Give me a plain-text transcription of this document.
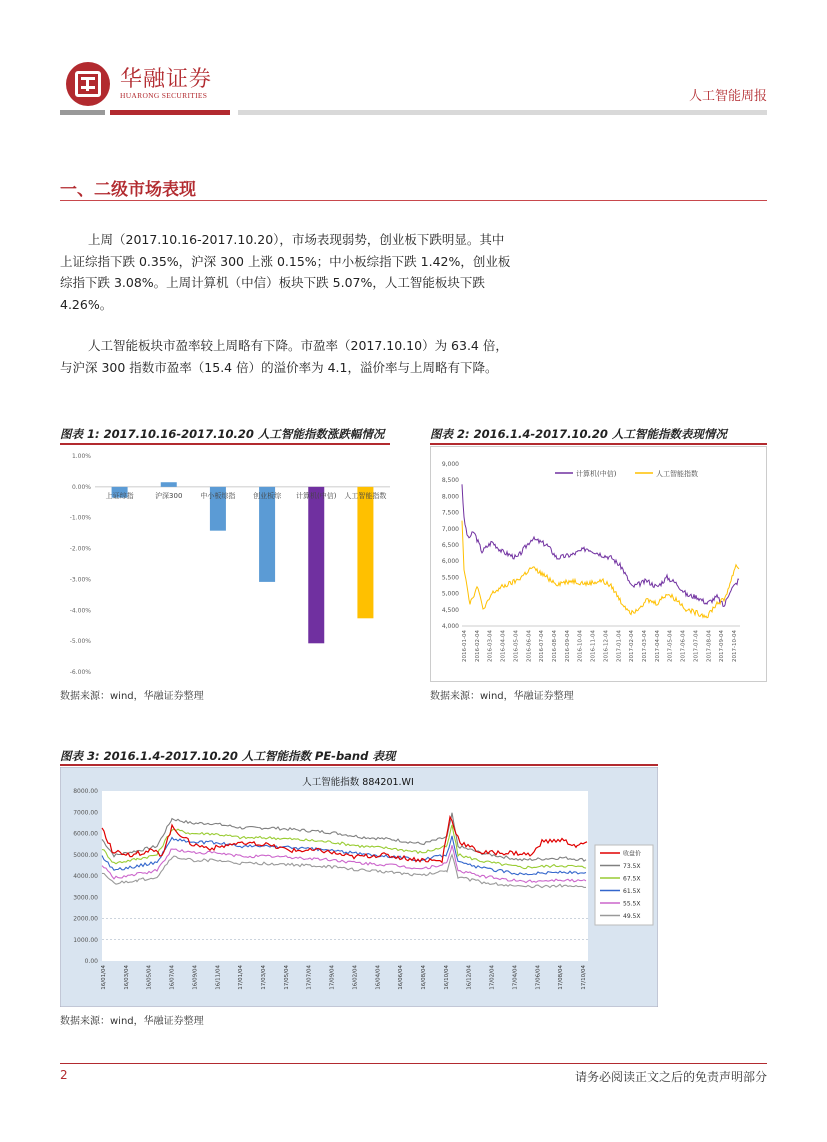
华融证券
HUARONG SECURITIES	人工智能周报
一、二级市场表现
上周（2017.10.16-2017.10.20），市场表现弱势，创业板下跌明显。其中
上证综指下跌 0.35%，沪深 300 上涨 0.15%；中小板综指下跌 1.42%，创业板
综指下跌 3.08%。上周计算机（中信）板块下跌 5.07%，人工智能板块下跌
4.26%。
人工智能板块市盈率较上周略有下降。市盈率（2017.10.10）为 63.4 倍，
与沪深 300 指数市盈率（15.4 倍）的溢价率为 4.1，溢价率与上周略有下降。
图表 1: 2017.10.16-2017.10.20 人工智能指数涨跌幅情况
1.00%
0.00%
-1.00%
-2.00%
-3.00%
-4.00%
-5.00%
-6.00%
上证综指	沪深300	中小板综指	创业板综 计算机(中信) 人工智能指数
数据来源：wind，华融证券整理
图表 2: 2016.1.4-2017.10.20 人工智能指数表现情况
9,000
8,500
8,000
7,500
7,000
6,500
6,000
5,500
5,000
4,500
4,000
2016-01-04 2016-02-04 2016-03-04 2016-04-04 2016-05-04 2016-06-04 2016-07-04 2016-08-04 2016-09-04 2016-10-04 2016-11-04 2016-12-04 2017-01-04 2017-02-04 2017-03-04 2017-04-04 2017-05-04 2017-06-04 2017-07-04 2017-08-04 2017-09-04 2017-10-04
计算机(中信)	人工智能指数
数据来源：wind，华融证券整理
图表 3: 2016.1.4-2017.10.20 人工智能指数 PE-band 表现
人工智能指数 884201.WI
8000.00
7000.00
6000.00
5000.00
4000.00
3000.00
2000.00
1000.00
0.00
16/01/04	16/03/04	16/05/04	16/07/04	16/09/04	16/11/04	17/01/04	17/03/04	17/05/04	17/07/04	17/09/04	16/02/04	16/04/04	16/06/04	16/08/04	16/10/04	16/12/04	17/02/04	17/04/04	17/06/04	17/08/04	17/10/04
收盘价
73.5X
67.5X
61.5X
55.5X
49.5X
数据来源：wind，华融证券整理
2	请务必阅读正文之后的免责声明部分
